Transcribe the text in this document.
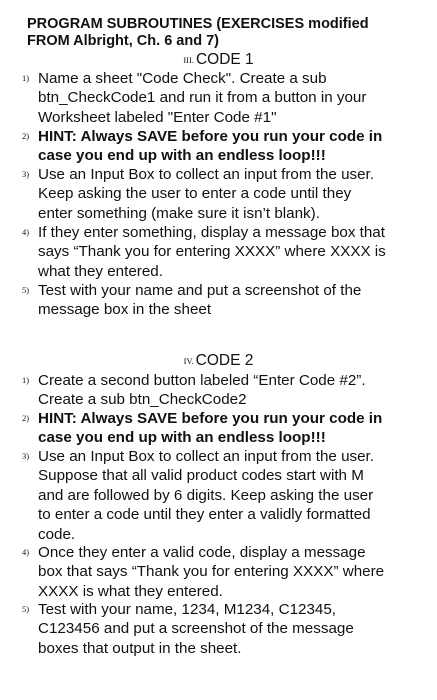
PROGRAM SUBROUTINES (EXERCISES modified
FROM Albright, Ch. 6 and 7)
III. CODE 1
1) Name a sheet "Code Check". Create a sub
btn_CheckCode1 and run it from a button in your
Worksheet labeled "Enter Code #1"
2) HINT: Always SAVE before you run your code in
case you end up with an endless loop!!!
3) Use an Input Box to collect an input from the user.
Keep asking the user to enter a code until they
enter something (make sure it isn’t blank).
4) If they enter something, display a message box that
says “Thank you for entering XXXX” where XXXX is
what they entered.
5) Test with your name and put a screenshot of the
message box in the sheet
IV. CODE 2
1) Create a second button labeled “Enter Code #2”.
Create a sub btn_CheckCode2
2) HINT: Always SAVE before you run your code in
case you end up with an endless loop!!!
3) Use an Input Box to collect an input from the user.
Suppose that all valid product codes start with M
and are followed by 6 digits. Keep asking the user
to enter a code until they enter a validly formatted
code.
4) Once they enter a valid code, display a message
box that says “Thank you for entering XXXX” where
XXXX is what they entered.
5) Test with your name, 1234, M1234, C12345,
C123456 and put a screenshot of the message
boxes that output in the sheet.
